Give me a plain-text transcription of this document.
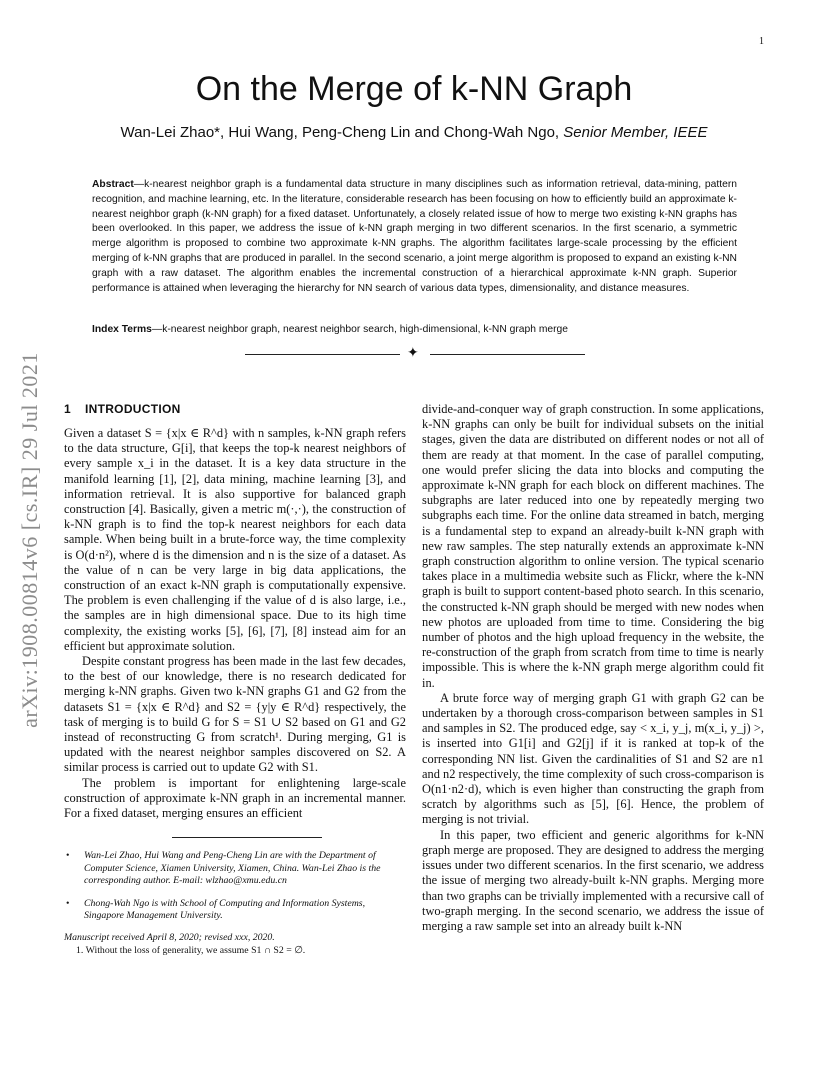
1
arXiv:1908.00814v6 [cs.IR] 29 Jul 2021
On the Merge of k-NN Graph
Wan-Lei Zhao*, Hui Wang, Peng-Cheng Lin and Chong-Wah Ngo, Senior Member, IEEE

Abstract—k-nearest neighbor graph is a fundamental data structure in many disciplines such as information retrieval, data-mining, pattern recognition, and machine learning, etc. In the literature, considerable research has been focusing on how to efficiently build an approximate k-nearest neighbor graph (k-NN graph) for a fixed dataset. Unfortunately, a closely related issue of how to merge two existing k-NN graphs has been overlooked. In this paper, we address the issue of k-NN graph merging in two different scenarios. In the first scenario, a symmetric merge algorithm is proposed to combine two approximate k-NN graphs. The algorithm facilitates large-scale processing by the efficient merging of k-NN graphs that are produced in parallel. In the second scenario, a joint merge algorithm is proposed to expand an existing k-NN graph with a raw dataset. The algorithm enables the incremental construction of a hierarchical approximate k-NN graph. Superior performance is attained when leveraging the hierarchy for NN search of various data types, dimensionality, and distance measures.

Index Terms—k-nearest neighbor graph, nearest neighbor search, high-dimensional, k-NN graph merge

✦
1 INTRODUCTION

Given a dataset S = {x|x ∈ R^d} with n samples, k-NN graph refers to the data structure, G[i], that keeps the top-k nearest neighbors of every sample x_i in the dataset. It is a key data structure in the manifold learning [1], [2], data mining, machine learning [3], and information retrieval. It is also supportive for balanced graph construction [4]. Basically, given a metric m(·,·), the construction of k-NN graph is to find the top-k nearest neighbors for each data sample. When being built in a brute-force way, the time complexity is O(d·n²), where d is the dimension and n is the size of a dataset. As the value of n can be very large in big data applications, the construction of an exact k-NN graph is computationally expensive. The problem is even challenging if the value of d is also large, i.e., the samples are in high dimensional space. Due to its high time complexity, the existing works [5], [6], [7], [8] instead aim for an efficient but approximate solution.

Despite constant progress has been made in the last few decades, to the best of our knowledge, there is no research dedicated for merging k-NN graphs. Given two k-NN graphs G1 and G2 from the datasets S1 = {x|x ∈ R^d} and S2 = {y|y ∈ R^d} respectively, the task of merging is to build G for S = S1 ∪ S2 based on G1 and G2 instead of reconstructing G from scratch¹. During merging, G1 is updated with the nearest neighbor samples discovered on S2. A similar process is carried out to update G2 with S1.

The problem is important for enlightening large-scale construction of approximate k-NN graph in an incremental manner. For a fixed dataset, merging ensures an efficient

• Wan-Lei Zhao, Hui Wang and Peng-Cheng Lin are with the Department of Computer Science, Xiamen University, Xiamen, China. Wan-Lei Zhao is the corresponding author. E-mail: wlzhao@xmu.edu.cn
• Chong-Wah Ngo is with School of Computing and Information Systems, Singapore Management University.

Manuscript received April 8, 2020; revised xxx, 2020.

1. Without the loss of generality, we assume S1 ∩ S2 = ∅.

divide-and-conquer way of graph construction. In some applications, k-NN graphs can only be built for individual subsets on the initial stages, given the data are distributed on different nodes or not all of them are ready at that moment. In the case of parallel computing, one would prefer slicing the data into blocks and computing the approximate k-NN graph for each block on different machines. The subgraphs are later reduced into one by repeatedly merging two subgraphs each time. For the online data streamed in batch, merging is a fundamental step to expand an already-built k-NN graph with new raw samples. The step naturally extends an approximate k-NN graph construction algorithm to online version. The typical scenario takes place in a multimedia website such as Flickr, where the k-NN graph is built to support content-based photo search. In this scenario, the constructed k-NN graph should be merged with new nodes when new photos are uploaded from time to time. Considering the big number of photos and the high upload frequency in the website, the re-construction of the graph from scratch from time to time is nearly impossible. This is where the k-NN graph merge algorithm could fit in.

A brute force way of merging graph G1 with graph G2 can be undertaken by a thorough cross-comparison between samples in S1 and samples in S2. The produced edge, say < x_i, y_j, m(x_i, y_j) >, is inserted into G1[i] and G2[j] if it is ranked at top-k of the corresponding NN list. Given the cardinalities of S1 and S2 are n1 and n2 respectively, the time complexity of such cross-comparison is O(n1·n2·d), which is even higher than constructing the graph from scratch by algorithms such as [5], [6]. Hence, the problem of merging is not trivial.

In this paper, two efficient and generic algorithms for k-NN graph merge are proposed. They are designed to address the merging issues under two different scenarios. In the first scenario, we address the issue of merging two already-built k-NN graphs. Merging more than two graphs can be trivially implemented with a recursive call of two-graph merging. In the second scenario, we address the issue of merging a raw sample set into an already built k-NN
